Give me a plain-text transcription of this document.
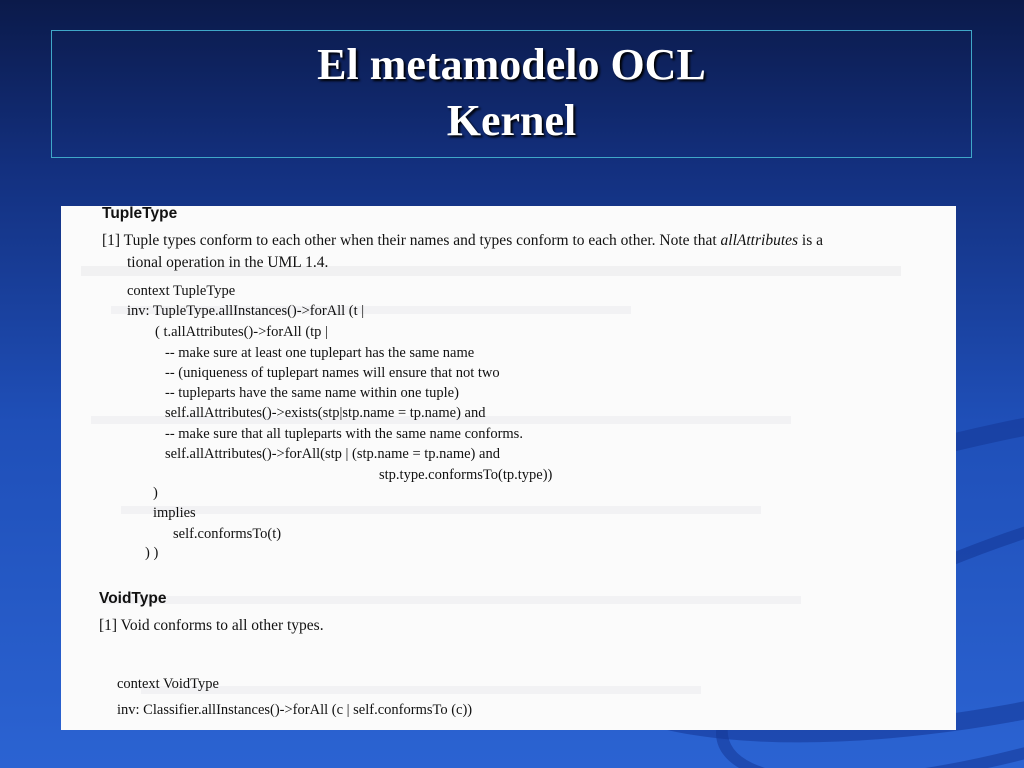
El metamodelo OCL
Kernel
TupleType
[1] Tuple types conform to each other when their names and types conform to each other. Note that allAttributes is a
tional operation in the UML 1.4.
context TupleType
inv: TupleType.allInstances()->forAll (t |
( t.allAttributes()->forAll (tp |
-- make sure at least one tuplepart has the same name
-- (uniqueness of tuplepart names will ensure that not two
-- tupleparts have the same name within one tuple)
self.allAttributes()->exists(stp|stp.name = tp.name) and
-- make sure that all tupleparts with the same name conforms.
self.allAttributes()->forAll(stp | (stp.name = tp.name) and
stp.type.conformsTo(tp.type))
)
implies
self.conformsTo(t)
) )
VoidType
[1] Void conforms to all other types.
context VoidType
inv: Classifier.allInstances()->forAll (c | self.conformsTo (c))
